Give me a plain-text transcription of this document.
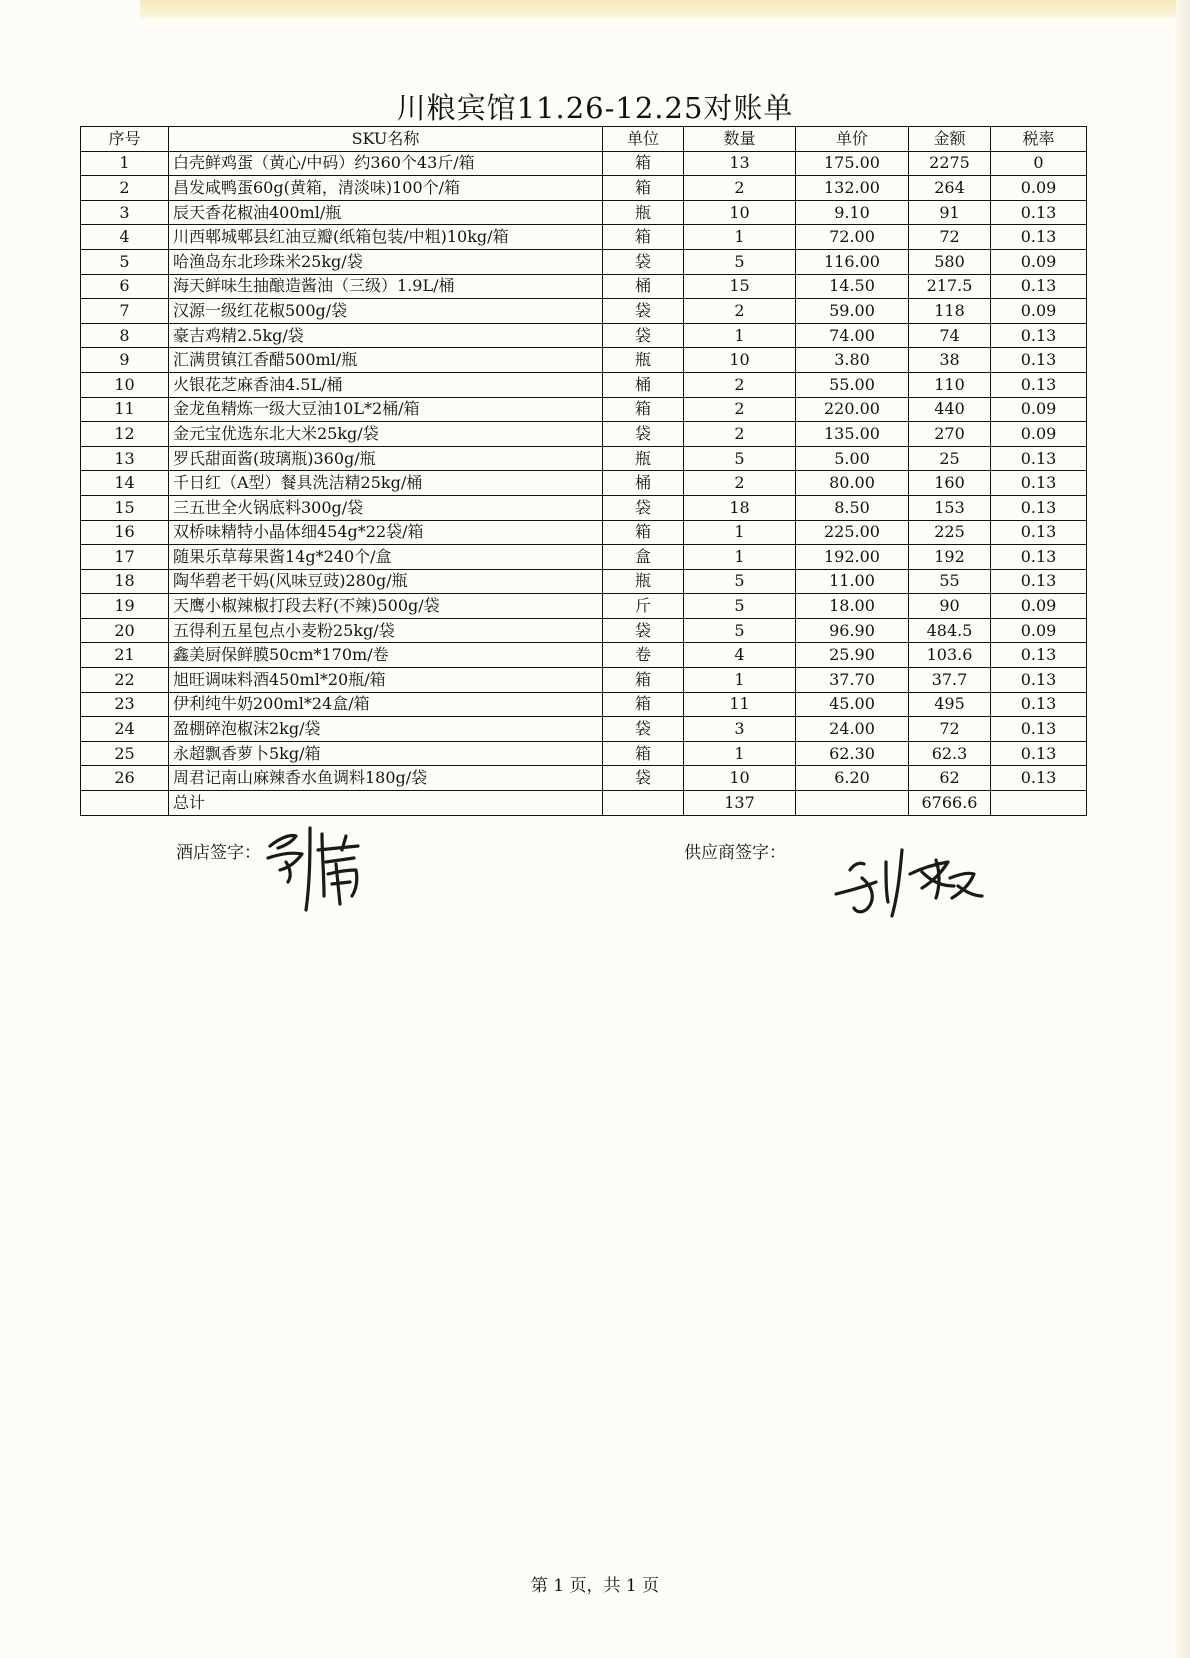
川粮宾馆11.26-12.25对账单
序号	SKU名称	单位	数量	单价	金额	税率
1	白壳鲜鸡蛋（黄心/中码）约360个43斤/箱	箱	13	175.00	2275	0
2	昌发咸鸭蛋60g(黄箱，清淡味)100个/箱	箱	2	132.00	264	0.09
3	辰天香花椒油400ml/瓶	瓶	10	9.10	91	0.13
4	川西郫城郫县红油豆瓣(纸箱包装/中粗)10kg/箱	箱	1	72.00	72	0.13
5	哈渔岛东北珍珠米25kg/袋	袋	5	116.00	580	0.09
6	海天鲜味生抽酿造酱油（三级）1.9L/桶	桶	15	14.50	217.5	0.13
7	汉源一级红花椒500g/袋	袋	2	59.00	118	0.09
8	豪吉鸡精2.5kg/袋	袋	1	74.00	74	0.13
9	汇满贯镇江香醋500ml/瓶	瓶	10	3.80	38	0.13
10	火银花芝麻香油4.5L/桶	桶	2	55.00	110	0.13
11	金龙鱼精炼一级大豆油10L*2桶/箱	箱	2	220.00	440	0.09
12	金元宝优选东北大米25kg/袋	袋	2	135.00	270	0.09
13	罗氏甜面酱(玻璃瓶)360g/瓶	瓶	5	5.00	25	0.13
14	千日红（A型）餐具洗洁精25kg/桶	桶	2	80.00	160	0.13
15	三五世全火锅底料300g/袋	袋	18	8.50	153	0.13
16	双桥味精特小晶体细454g*22袋/箱	箱	1	225.00	225	0.13
17	随果乐草莓果酱14g*240个/盒	盒	1	192.00	192	0.13
18	陶华碧老干妈(风味豆豉)280g/瓶	瓶	5	11.00	55	0.13
19	天鹰小椒辣椒打段去籽(不辣)500g/袋	斤	5	18.00	90	0.09
20	五得利五星包点小麦粉25kg/袋	袋	5	96.90	484.5	0.09
21	鑫美厨保鲜膜50cm*170m/卷	卷	4	25.90	103.6	0.13
22	旭旺调味料酒450ml*20瓶/箱	箱	1	37.70	37.7	0.13
23	伊利纯牛奶200ml*24盒/箱	箱	11	45.00	495	0.13
24	盈棚碎泡椒沫2kg/袋	袋	3	24.00	72	0.13
25	永超飘香萝卜5kg/箱	箱	1	62.30	62.3	0.13
26	周君记南山麻辣香水鱼调料180g/袋	袋	10	6.20	62	0.13
	总计		137		6766.6	
酒店签字：	供应商签字：
第 1 页，共 1 页
